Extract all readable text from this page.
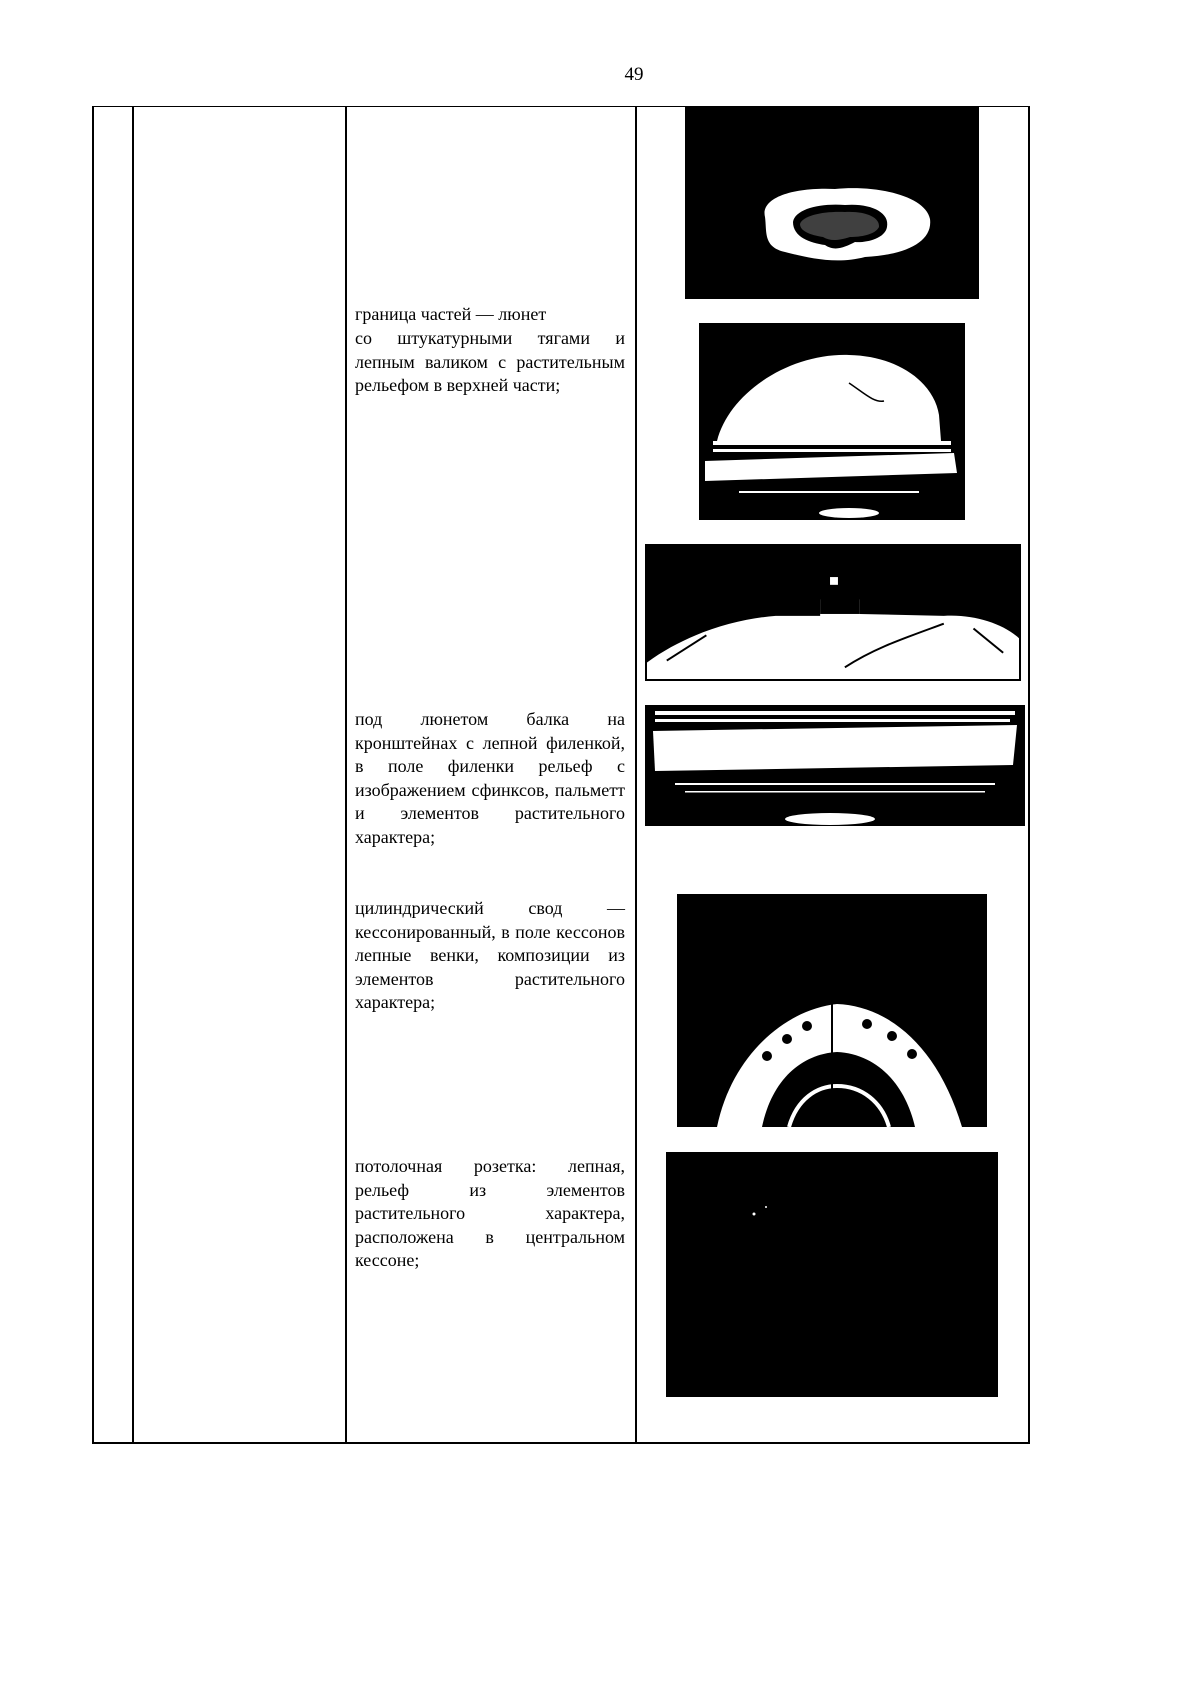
49
граница частей — люнет
со штукатурными тягами и лепным валиком с растительным рельефом в верхней части;
под люнетом балка на кронштейнах с лепной филенкой, в поле филенки рельеф с изображением сфинксов, пальметт и элементов растительного характера;
цилиндрический свод — кессонированный, в поле кессонов лепные венки, композиции из элементов растительного характера;
потолочная розетка: лепная, рельеф из элементов растительного характера, расположена в центральном кессоне;
